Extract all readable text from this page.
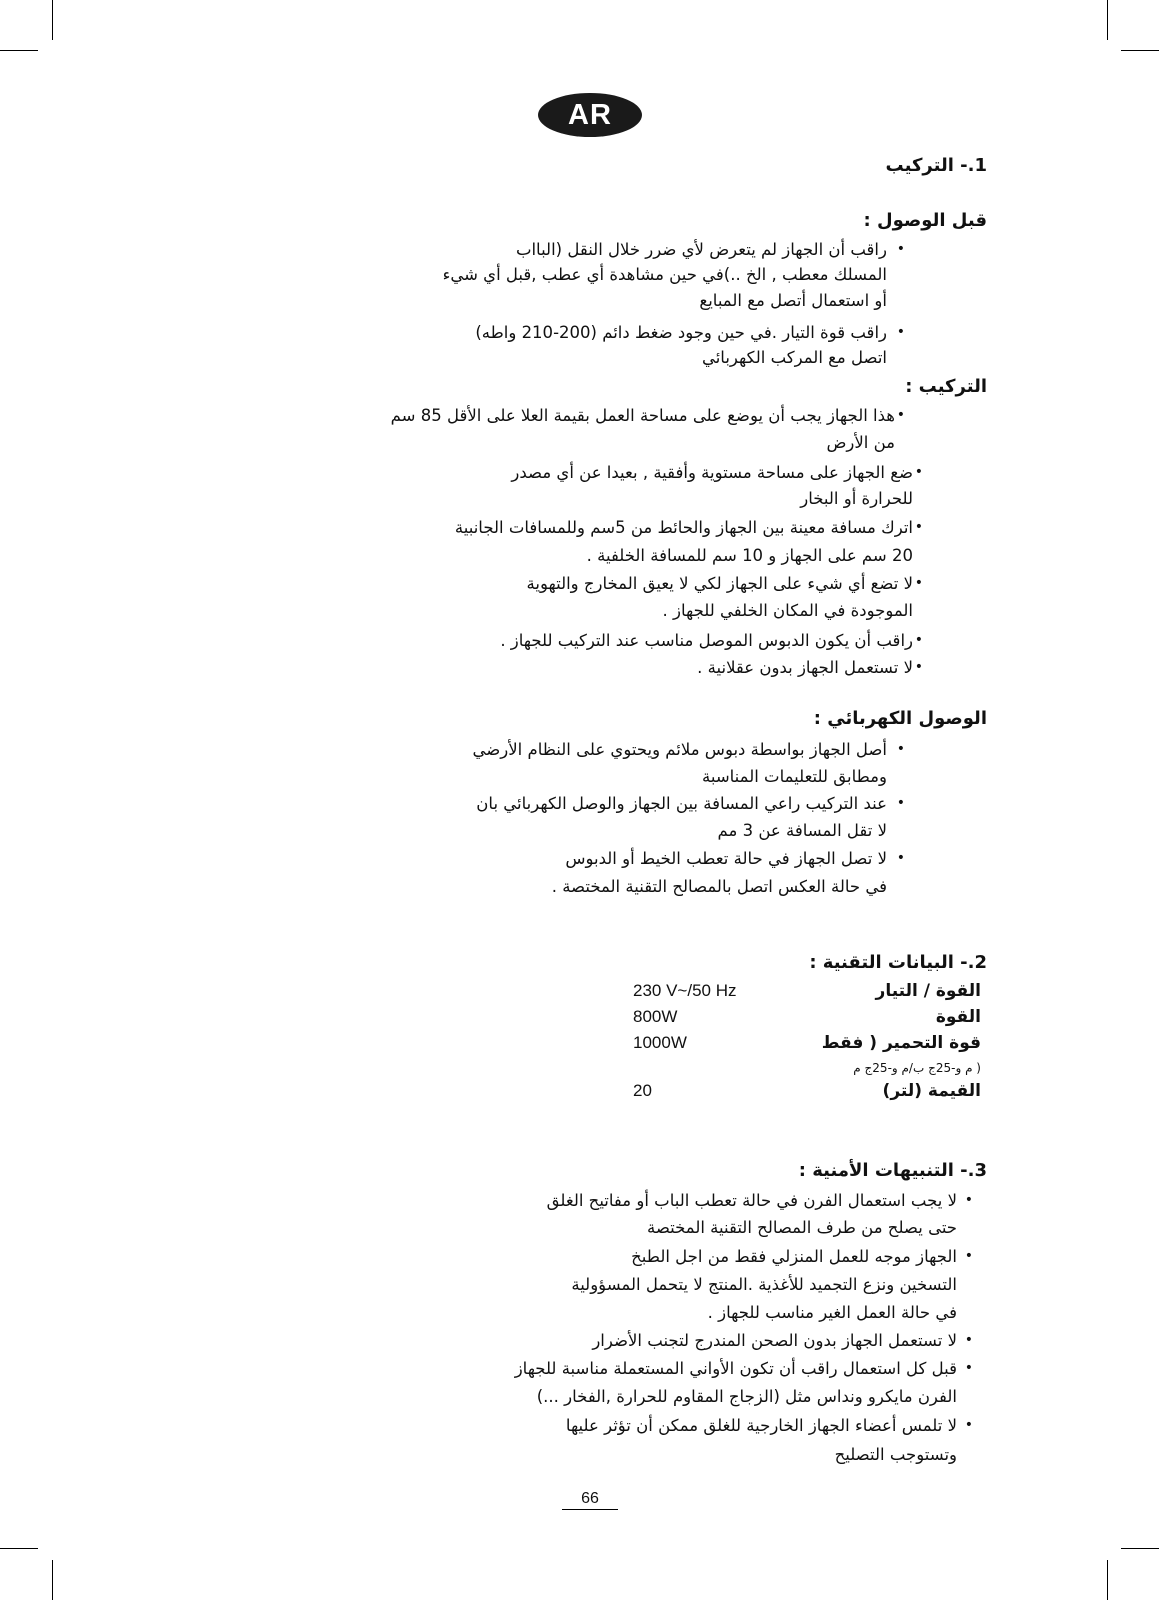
AR
1.- التركيب
قبل الوصول :
•
راقب أن الجهاز لم يتعرض لأي ضرر خلال النقل (البااب
المسلك معطب , الخ ..)في حين مشاهدة أي عطب ,قبل أي شيء
أو استعمال أتصل مع المبايع
•
راقب قوة التيار .في حين وجود ضغط دائم (200-210 واطه)
اتصل مع المركب الكهربائي
التركيب :
•
هذا الجهاز يجب أن يوضع على مساحة العمل بقيمة العلا على الأقل 85 سم
من الأرض
•
ضع الجهاز على مساحة مستوية وأفقية , بعيدا عن أي مصدر
للحرارة أو البخار
•
اترك مسافة معينة بين الجهاز والحائط من 5سم وللمسافات الجانبية
20 سم على الجهاز و 10 سم للمسافة الخلفية .
•
لا تضع أي شيء على الجهاز لكي لا يعيق المخارج والتهوية
الموجودة في المكان الخلفي للجهاز .
•
راقب أن يكون الدبوس الموصل مناسب عند التركيب للجهاز .
•
لا تستعمل الجهاز بدون عقلانية .
الوصول الكهربائي :
•
أصل الجهاز بواسطة دبوس ملائم ويحتوي على النظام الأرضي
ومطابق للتعليمات المناسبة
•
عند التركيب راعي المسافة بين الجهاز والوصل الكهربائي بان
لا تقل المسافة عن 3 مم
•
لا تصل الجهاز في حالة تعطب الخيط أو الدبوس
في حالة العكس اتصل بالمصالح التقنية المختصة .
2.- البيانات التقنية :
القوة / التيار
230 V~/50 Hz
القوة
800W
قوة التحمير ( فقط
1000W
( م و-25ج ب/م و-25ج م
القيمة (لتر)
20
3.- التنبيهات الأمنية :
•
لا يجب استعمال الفرن في حالة تعطب الباب أو مفاتيح الغلق
حتى يصلح من طرف المصالح التقنية المختصة
•
الجهاز موجه للعمل المنزلي فقط من اجل الطبخ
التسخين ونزع التجميد للأغذية .المنتج لا يتحمل المسؤولية
في حالة العمل الغير مناسب للجهاز .
•
لا تستعمل الجهاز بدون الصحن المندرج لتجنب الأضرار
•
قبل كل استعمال راقب أن تكون الأواني المستعملة مناسبة للجهاز
الفرن مايكرو ونداس مثل (الزجاج المقاوم للحرارة ,الفخار ...)
•
لا تلمس أعضاء الجهاز الخارجية للغلق ممكن أن تؤثر عليها
وتستوجب التصليح
66
